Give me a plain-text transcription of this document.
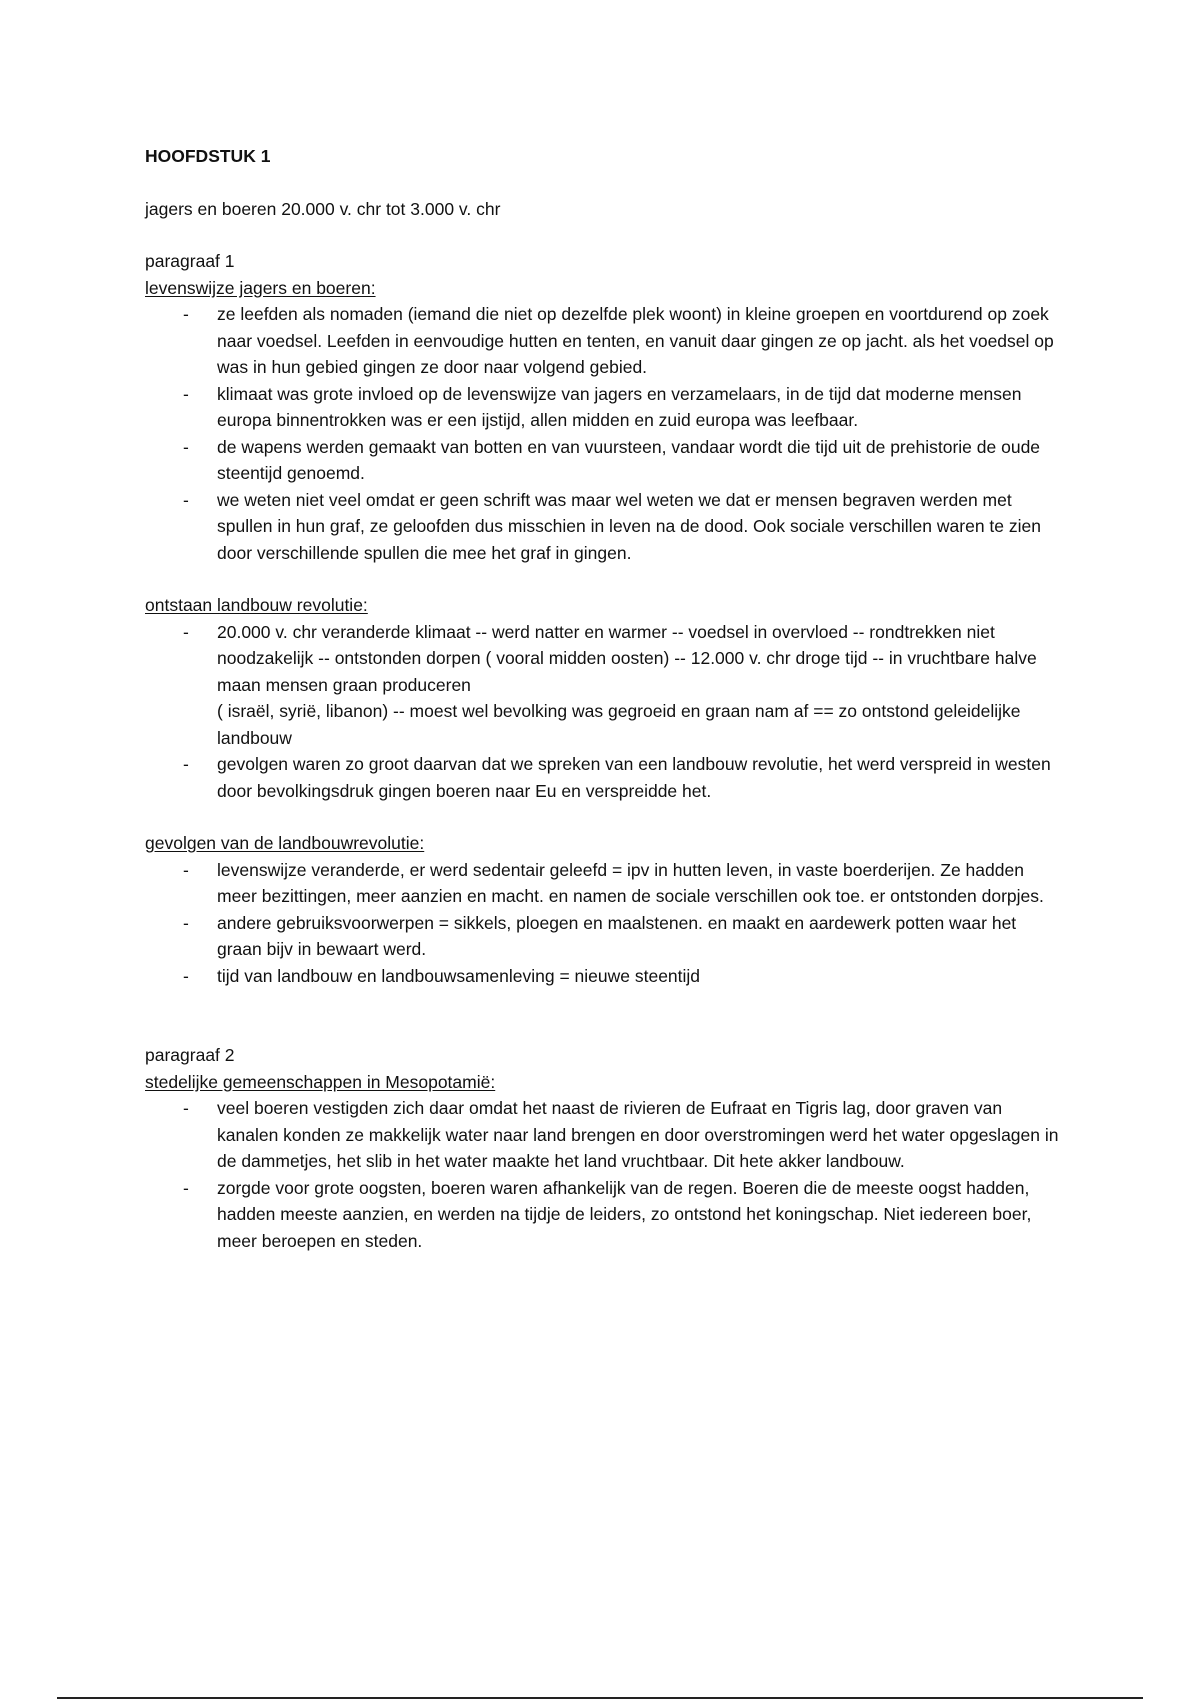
HOOFDSTUK 1
jagers en boeren 20.000 v. chr tot 3.000 v. chr
paragraaf 1
levenswijze jagers en boeren:
- ze leefden als nomaden (iemand die niet op dezelfde plek woont) in kleine groepen en voortdurend op zoek naar voedsel. Leefden in eenvoudige hutten en tenten, en vanuit daar gingen ze op jacht. als het voedsel op was in hun gebied gingen ze door naar volgend gebied.
- klimaat was grote invloed op de levenswijze van jagers en verzamelaars, in de tijd dat moderne mensen europa binnentrokken was er een ijstijd, allen midden en zuid europa was leefbaar.
- de wapens werden gemaakt van botten en van vuursteen, vandaar wordt die tijd uit de prehistorie de oude steentijd genoemd.
- we weten niet veel omdat er geen schrift was maar wel weten we dat er mensen begraven werden met spullen in hun graf, ze geloofden dus misschien in leven na de dood. Ook sociale verschillen waren te zien door verschillende spullen die mee het graf in gingen.
ontstaan landbouw revolutie:
- 20.000 v. chr veranderde klimaat -- werd natter en warmer -- voedsel in overvloed -- rondtrekken niet noodzakelijk -- ontstonden dorpen ( vooral midden oosten) -- 12.000 v. chr droge tijd -- in vruchtbare halve maan mensen graan produceren
( israël, syrië, libanon) -- moest wel bevolking was gegroeid en graan nam af == zo ontstond geleidelijke landbouw
- gevolgen waren zo groot daarvan dat we spreken van een landbouw revolutie, het werd verspreid in westen door bevolkingsdruk gingen boeren naar Eu en verspreidde het.
gevolgen van de landbouwrevolutie:
- levenswijze veranderde, er werd sedentair geleefd = ipv in hutten leven, in vaste boerderijen. Ze hadden meer bezittingen, meer aanzien en macht. en namen de sociale verschillen ook toe. er ontstonden dorpjes.
- andere gebruiksvoorwerpen = sikkels, ploegen en maalstenen. en maakt en aardewerk potten waar het graan bijv in bewaart werd.
- tijd van landbouw en landbouwsamenleving = nieuwe steentijd
paragraaf 2
stedelijke gemeenschappen in Mesopotamië:
- veel boeren vestigden zich daar omdat het naast de rivieren de Eufraat en Tigris lag, door graven van kanalen konden ze makkelijk water naar land brengen en door overstromingen werd het water opgeslagen in de dammetjes, het slib in het water maakte het land vruchtbaar. Dit hete akker landbouw.
- zorgde voor grote oogsten, boeren waren afhankelijk van de regen. Boeren die de meeste oogst hadden, hadden meeste aanzien, en werden na tijdje de leiders, zo ontstond het koningschap. Niet iedereen boer, meer beroepen en steden.
